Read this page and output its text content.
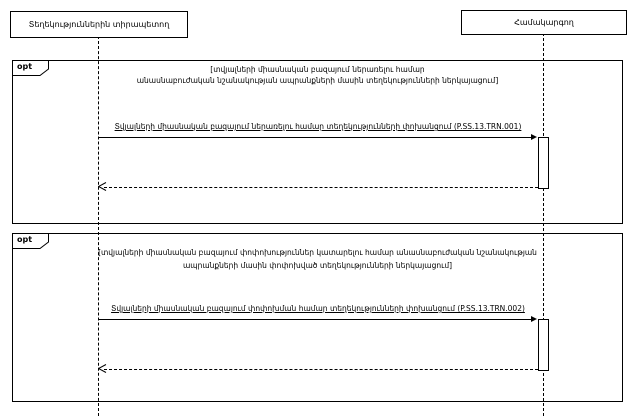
Տեղեկություններին տիրապետող	Համակարգող
opt	[տվյալների միասնական բազայում ներառելու համար
անասնաբուժական նշանակության ապրանքների մասին տեղեկությունների ներկայացում]
Տվյալների միասնական բազայում ներառելու համար տեղեկությունների փոխանցում (P.SS.13.TRN.001)
opt
[տվյալների միասնական բազայում փոփոխություններ կատարելու համար անասնաբուժական նշանակության
ապրանքների մասին փոփոխված տեղեկությունների ներկայացում]
Տվյալների միասնական բազայում փոփոխման համար տեղեկությունների փոխանցում (P.SS.13.TRN.002)
